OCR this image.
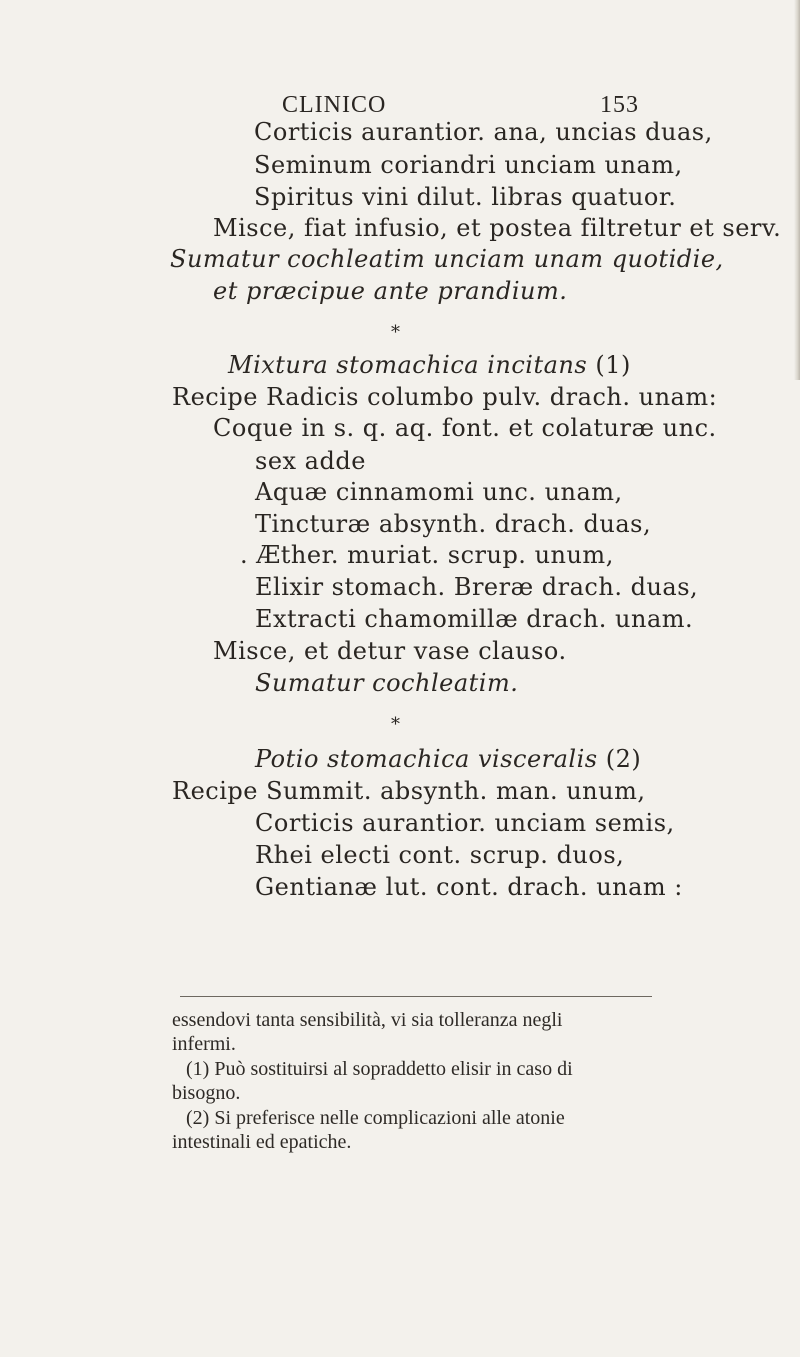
CLINICO	153
Corticis aurantior. ana, uncias duas,
Seminum coriandri unciam unam,
Spiritus vini dilut. libras quatuor.
Misce, fiat infusio, et postea filtretur et serv.
Sumatur cochleatim unciam unam quotidie,
et præcipue ante prandium.
*
Mixtura stomachica incitans (1)
Recipe Radicis columbo pulv. drach. unam:
Coque in s. q. aq. font. et colaturæ unc.
sex adde
Aquæ cinnamomi unc. unam,
Tincturæ absynth. drach. duas,
. Æther. muriat. scrup. unum,
Elixir stomach. Breræ drach. duas,
Extracti chamomillæ drach. unam.
Misce, et detur vase clauso.
Sumatur cochleatim.
*
Potio stomachica visceralis (2)
Recipe Summit. absynth. man. unum,
Corticis aurantior. unciam semis,
Rhei electi cont. scrup. duos,
Gentianæ lut. cont. drach. unam :
essendovi tanta sensibilità, vi sia tolleranza negli
infermi.
(1) Può sostituirsi al sopraddetto elisir in caso di
bisogno.
(2) Si preferisce nelle complicazioni alle atonie
intestinali ed epatiche.
